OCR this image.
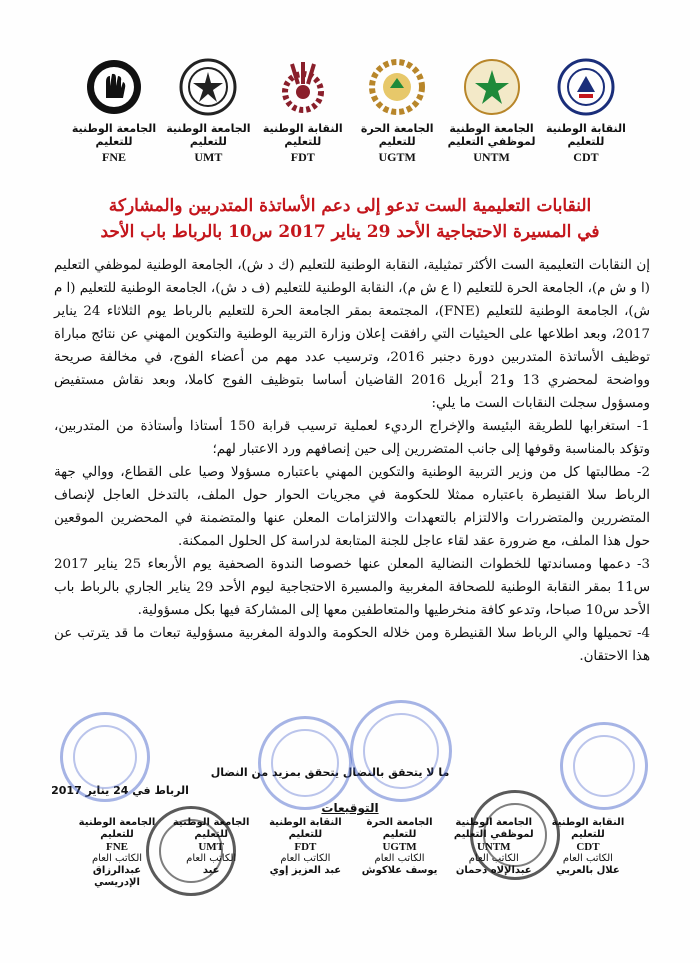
النقابة الوطنية
للتعليم
CDT
الجامعة الوطنية
لموظفي التعليم
UNTM
الجامعة الحرة
للتعليم
UGTM
النقابة الوطنية
للتعليم
FDT
الجامعة الوطنية
للتعليم
UMT
الجامعة الوطنية
للتعليم
FNE
النقابات التعليمية الست تدعو إلى دعم الأساتذة المتدربين والمشاركة
في المسيرة الاحتجاجية الأحد 29 يناير 2017 س10 بالرباط باب الأحد

إن النقابات التعليمية الست الأكثر تمثيلية، النقابة الوطنية للتعليم (ك د ش)، الجامعة الوطنية لموظفي التعليم (ا و ش م)، الجامعة الحرة للتعليم (ا ع ش م)، النقابة الوطنية للتعليم (ف د ش)، الجامعة الوطنية للتعليم (ا م ش)، الجامعة الوطنية للتعليم (FNE)، المجتمعة بمقر الجامعة الحرة للتعليم بالرباط يوم الثلاثاء 24 يناير 2017، وبعد اطلاعها على الحيثيات التي رافقت إعلان وزارة التربية الوطنية والتكوين المهني عن نتائج مباراة توظيف الأساتذة المتدربين دورة دجنبر 2016، وترسيب عدد مهم من أعضاء الفوج، في مخالفة صريحة وواضحة لمحضري 13 و21 أبريل 2016 القاضيان أساسا بتوظيف الفوج كاملا، وبعد نقاش مستفيض ومسؤول سجلت النقابات الست ما يلي:

1- استغرابها للطريقة البئيسة والإخراج الرديء لعملية ترسيب قرابة 150 أستاذا وأستاذة من المتدربين، وتؤكد بالمناسبة وقوفها إلى جانب المتضررين إلى حين إنصافهم ورد الاعتبار لهم؛

2- مطالبتها كل من وزير التربية الوطنية والتكوين المهني باعتباره مسؤولا وصيا على القطاع، ووالي جهة الرباط سلا القنيطرة باعتباره ممثلا للحكومة في مجريات الحوار حول الملف، بالتدخل العاجل لإنصاف المتضررين والمتضررات والالتزام بالتعهدات والالتزامات المعلن عنها والمتضمنة في المحضرين الموقعين حول هذا الملف، مع ضرورة عقد لقاء عاجل للجنة المتابعة لدراسة كل الحلول الممكنة.

3- دعمها ومساندتها للخطوات النضالية المعلن عنها خصوصا الندوة الصحفية يوم الأربعاء 25 يناير 2017 س11 بمقر النقابة الوطنية للصحافة المغربية والمسيرة الاحتجاجية ليوم الأحد 29 يناير الجاري بالرباط باب الأحد س10 صباحا، وتدعو كافة منخرطيها والمتعاطفين معها إلى المشاركة فيها بكل مسؤولية.

4- تحميلها والي الرباط سلا القنيطرة ومن خلاله الحكومة والدولة المغربية مسؤولية تبعات ما قد يترتب عن هذا الاحتقان.

ما لا يتحقق بالنضال يتحقق بمزيد من النضال
الرباط في 24 يناير 2017
التوقيعات
النقابة الوطنية
للتعليم
CDT
الكاتب العام
علال بالعربي
الجامعة الوطنية
لموظفي التعليم
UNTM
الكاتب العام
عبدالإلاه دحمان
الجامعة الحرة
للتعليم
UGTM
الكاتب العام
يوسف علاكوش
النقابة الوطنية
للتعليم
FDT
الكاتب العام
عبد العزيز إوي
الجامعة الوطنية
للتعليم
UMT
الكاتب العام
عبد
الجامعة الوطنية
للتعليم
FNE
الكاتب العام
عبدالرزاق الإدريسي
